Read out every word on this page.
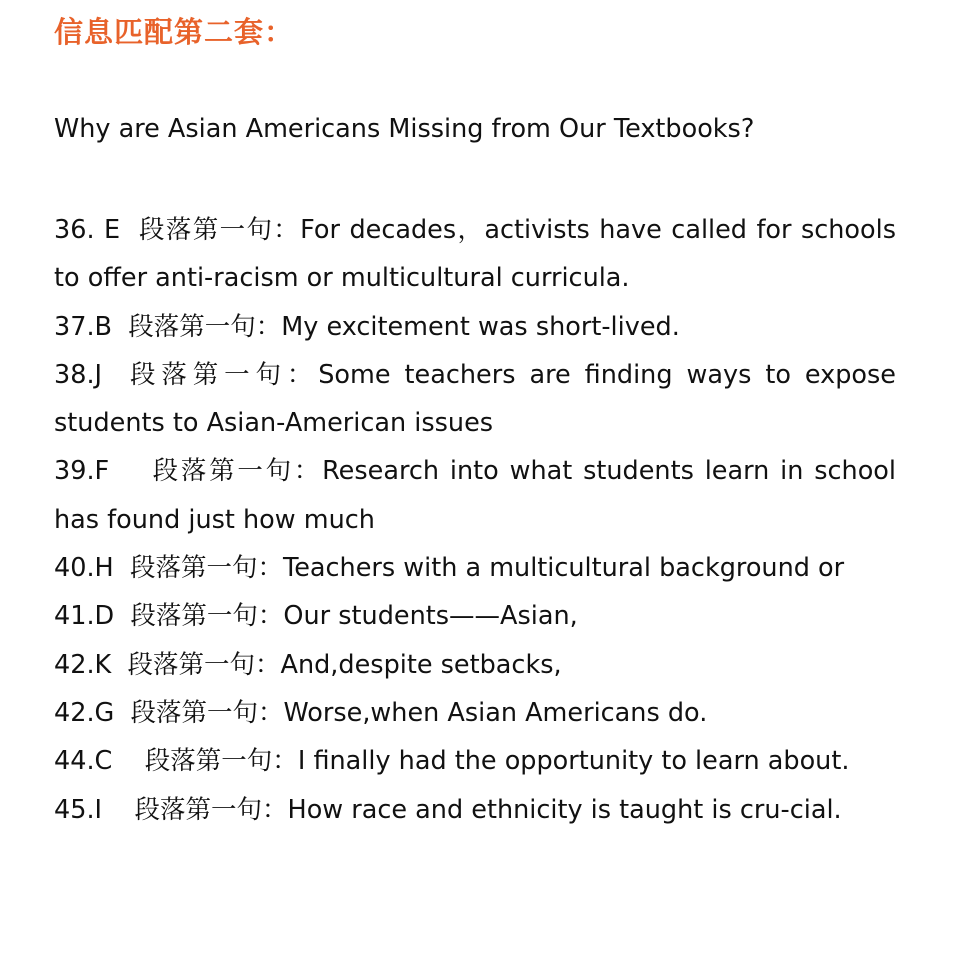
信息匹配第二套：
Why are Asian Americans Missing from Our Textbooks?
36. E  段落第一句：For decades，activists have called for schools to offer anti-racism or multicultural curricula.
37.B  段落第一句：My excitement was short-lived.
38.J  段落第一句：Some teachers are finding ways to expose students to Asian-American issues
39.F    段落第一句：Research into what students learn in school has found just how much
40.H  段落第一句：Teachers with a multicultural background or
41.D  段落第一句：Our students——Asian,
42.K  段落第一句：And,despite setbacks,
42.G  段落第一句：Worse,when Asian Americans do.
44.C    段落第一句：I finally had the opportunity to learn about.
45.I    段落第一句：How race and ethnicity is taught is cru-cial.
